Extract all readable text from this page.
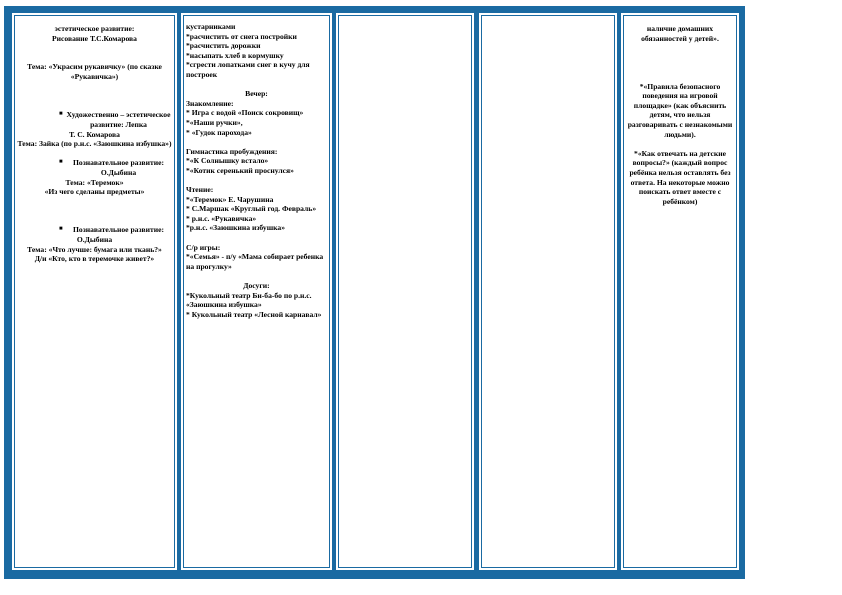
эстетическое развитие:

Рисование Т.С.Комарова

Тема: «Украсим рукавичку» (по сказке «Рукавичка»)

■ Художественно – эстетическое развитие: Лепка

Т. С. Комарова

Тема: Зайка (по р.н.с. «Заюшкина избушка»)

■	Познавательное развитие: О.Дыбина

Тема: «Теремок»

«Из чего сделаны предметы»

■	Познавательное развитие:

О.Дыбина

Тема: «Что лучше: бумага или ткань?»

Д/и «Кто, кто в теремочке живет?»

кустарниками

*расчистить от снега постройки

*расчистить дорожки

*насыпать хлеб в кормушку

*сгрести лопатками снег в кучу для построек

Вечер:

Знакомление:

* Игра с водой «Поиск сокровищ»

*«Наши ручки»,

* «Гудок парохода»

Гимнастика пробуждения:

*«К Солнышку встало»

*«Котик серенький проснулся»

Чтение:

*«Теремок» Е. Чарушина

* С.Маршак «Круглый год. Февраль»

* р.н.с. «Рукавичка»

*р.н.с. «Заюшкина избушка»

С/р игры:

*«Семья» - п/у «Мама собирает ребенка на прогулку»

Досуги:

*Кукольный театр Би-ба-бо по р.н.с. «Заюшкина избушка»

* Кукольный театр «Лесной карнавал»

наличие домашних обязанностей у детей».

*«Правила безопасного поведения на игровой площадке» (как объяснить детям, что нельзя разговаривать с незнакомыми людьми).

*«Как отвечать на детские вопросы?» (каждый вопрос ребёнка нельзя оставлять без ответа. На некоторые можно поискать ответ вместе с ребёнком)
